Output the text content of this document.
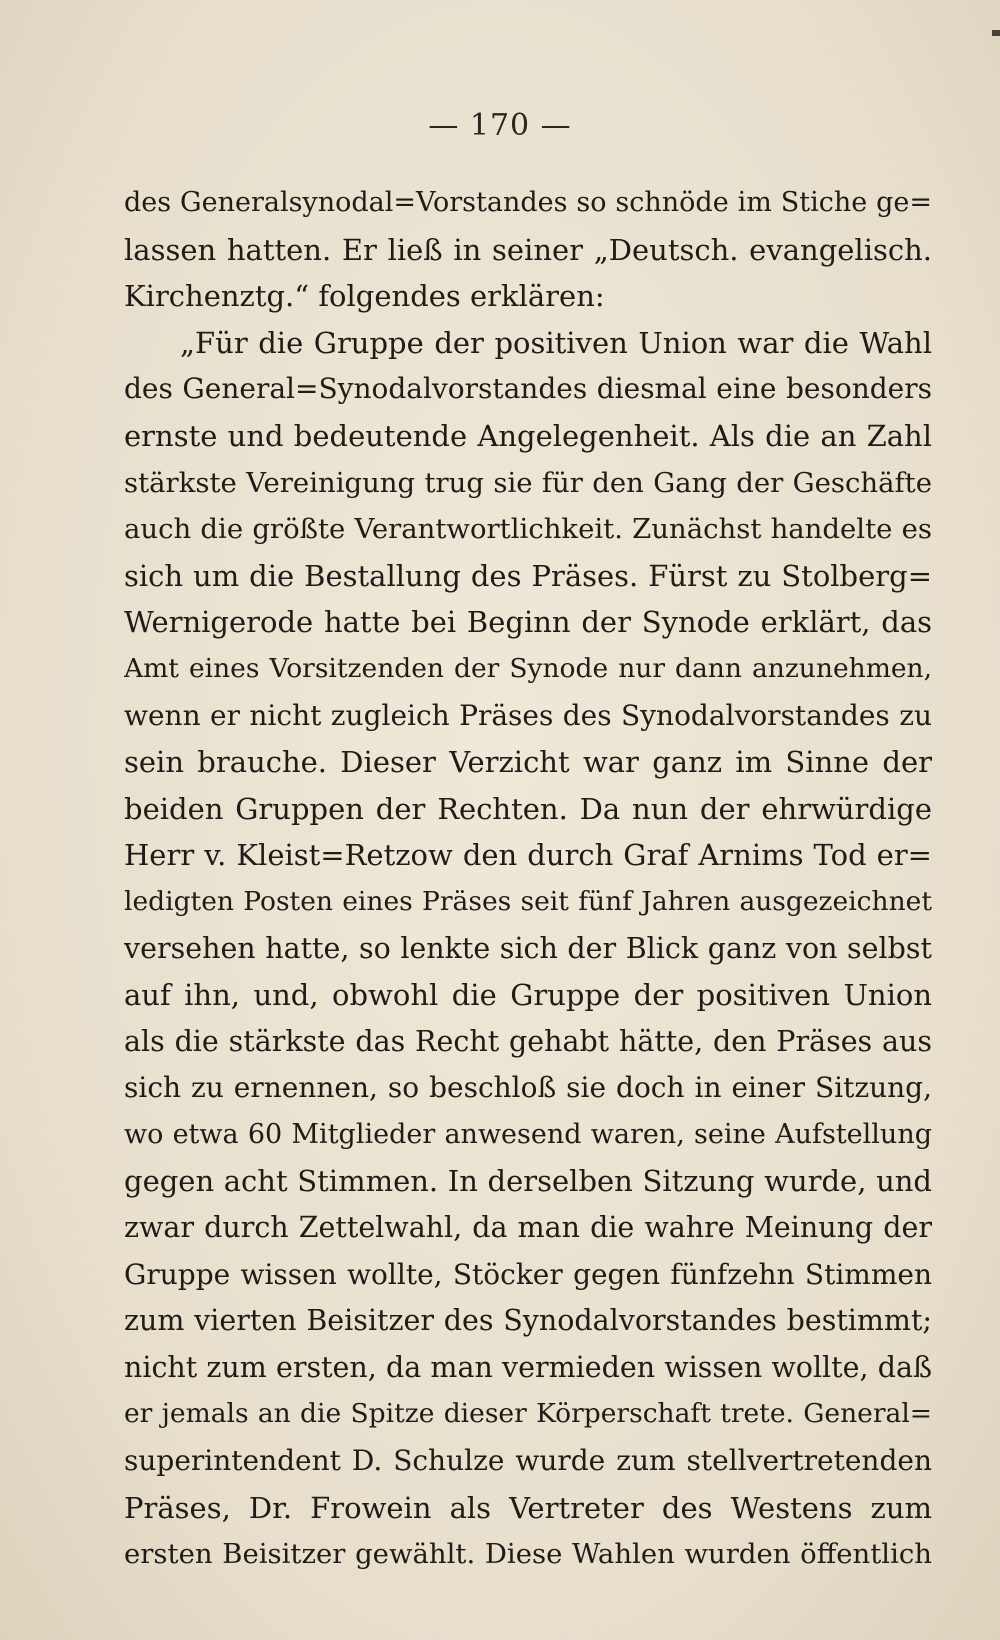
— 170 —
des Generalsynodal=Vorstandes so schnöde im Stiche ge=
lassen hatten. Er ließ in seiner „Deutsch. evangelisch.
Kirchenztg.“ folgendes erklären:
„Für die Gruppe der positiven Union war die Wahl
des General=Synodalvorstandes diesmal eine besonders
ernste und bedeutende Angelegenheit. Als die an Zahl
stärkste Vereinigung trug sie für den Gang der Geschäfte
auch die größte Verantwortlichkeit. Zunächst handelte es
sich um die Bestallung des Präses. Fürst zu Stolberg=
Wernigerode hatte bei Beginn der Synode erklärt, das
Amt eines Vorsitzenden der Synode nur dann anzunehmen,
wenn er nicht zugleich Präses des Synodalvorstandes zu
sein brauche. Dieser Verzicht war ganz im Sinne der
beiden Gruppen der Rechten. Da nun der ehrwürdige
Herr v. Kleist=Retzow den durch Graf Arnims Tod er=
ledigten Posten eines Präses seit fünf Jahren ausgezeichnet
versehen hatte, so lenkte sich der Blick ganz von selbst
auf ihn, und, obwohl die Gruppe der positiven Union
als die stärkste das Recht gehabt hätte, den Präses aus
sich zu ernennen, so beschloß sie doch in einer Sitzung,
wo etwa 60 Mitglieder anwesend waren, seine Aufstellung
gegen acht Stimmen. In derselben Sitzung wurde, und
zwar durch Zettelwahl, da man die wahre Meinung der
Gruppe wissen wollte, Stöcker gegen fünfzehn Stimmen
zum vierten Beisitzer des Synodalvorstandes bestimmt;
nicht zum ersten, da man vermieden wissen wollte, daß
er jemals an die Spitze dieser Körperschaft trete. General=
superintendent D. Schulze wurde zum stellvertretenden
Präses, Dr. Frowein als Vertreter des Westens zum
ersten Beisitzer gewählt. Diese Wahlen wurden öffentlich
